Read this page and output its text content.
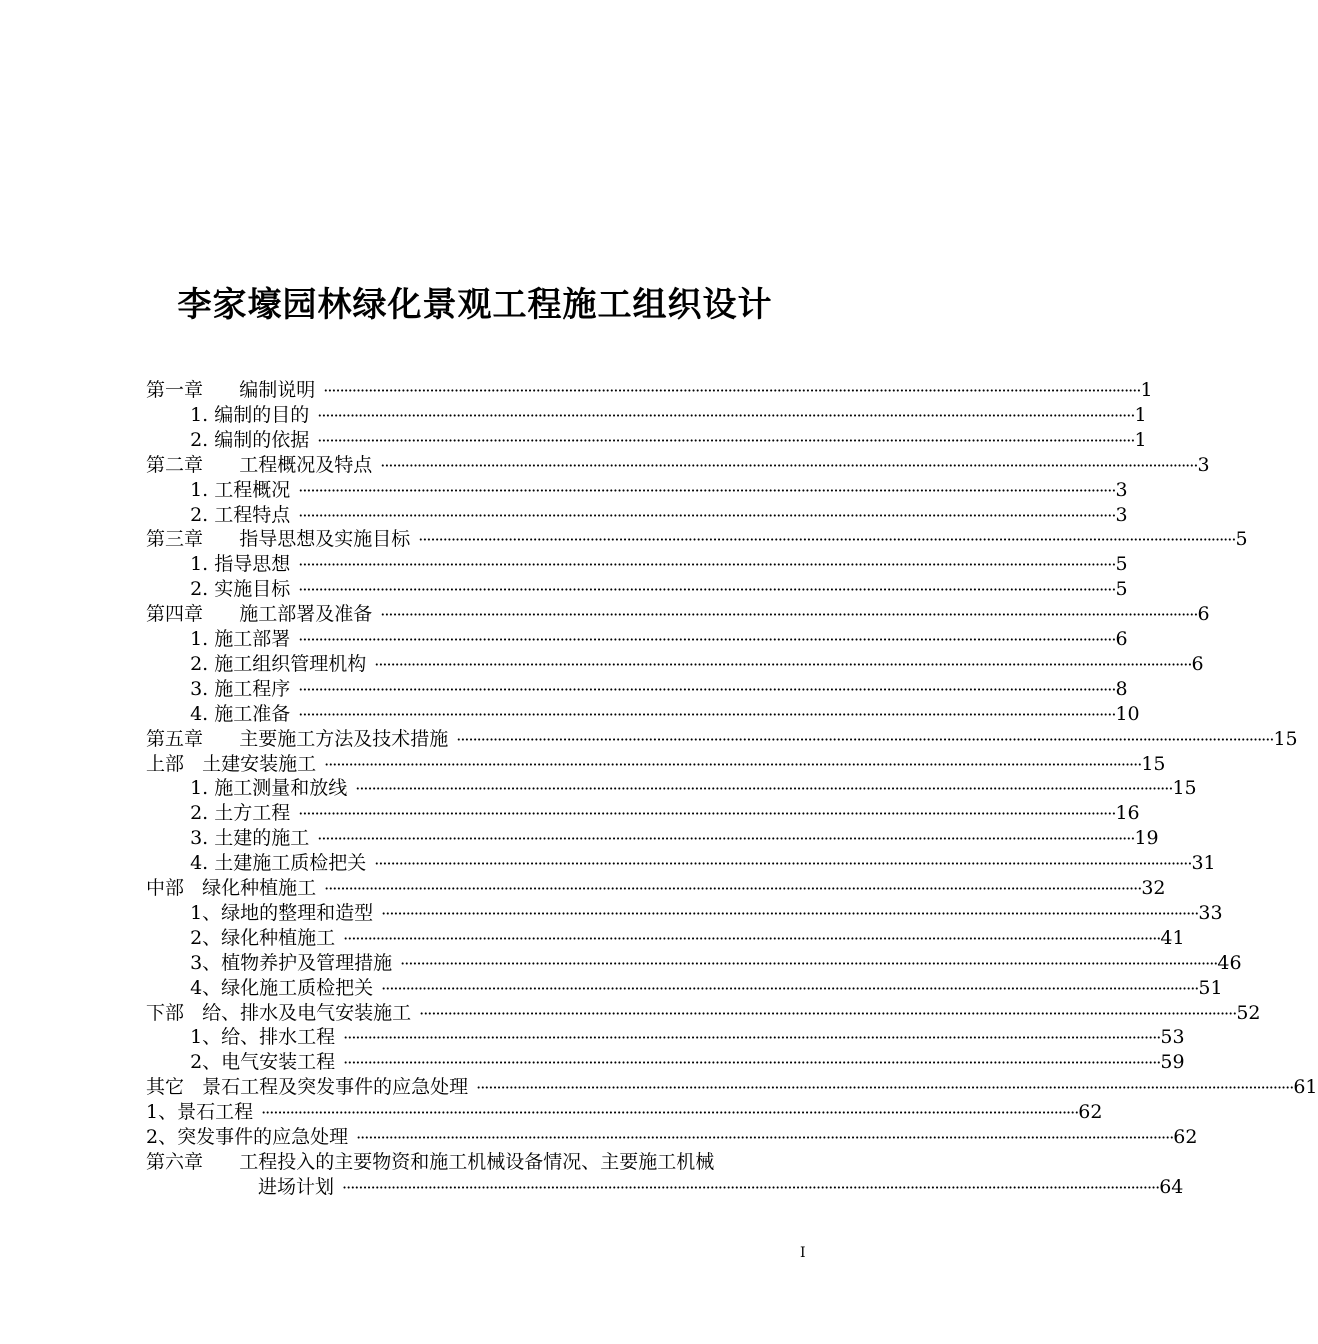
李家壕园林绿化景观工程施工组织设计
第一章      编制说明 ········································································································································································································ 1
1. 编制的目的 ········································································································································································································ 1
2. 编制的依据 ········································································································································································································ 1
第二章      工程概况及特点 ········································································································································································································ 3
1. 工程概况 ········································································································································································································ 3
2. 工程特点 ········································································································································································································ 3
第三章      指导思想及实施目标 ········································································································································································································ 5
1. 指导思想 ········································································································································································································ 5
2. 实施目标 ········································································································································································································ 5
第四章      施工部署及准备 ········································································································································································································ 6
1. 施工部署 ········································································································································································································ 6
2. 施工组织管理机构 ········································································································································································································ 6
3. 施工程序 ········································································································································································································ 8
4. 施工准备 ········································································································································································································ 10
第五章      主要施工方法及技术措施 ········································································································································································································ 15
上部   土建安装施工 ········································································································································································································ 15
1. 施工测量和放线 ········································································································································································································ 15
2. 土方工程 ········································································································································································································ 16
3. 土建的施工 ········································································································································································································ 19
4. 土建施工质检把关 ········································································································································································································ 31
中部   绿化种植施工 ········································································································································································································ 32
1、绿地的整理和造型 ········································································································································································································ 33
2、绿化种植施工 ········································································································································································································ 41
3、植物养护及管理措施 ········································································································································································································ 46
4、绿化施工质检把关 ········································································································································································································ 51
下部   给、排水及电气安装施工 ········································································································································································································ 52
1、给、排水工程 ········································································································································································································ 53
2、电气安装工程 ········································································································································································································ 59
其它   景石工程及突发事件的应急处理 ········································································································································································································ 61
1、景石工程 ········································································································································································································ 62
2、突发事件的应急处理 ········································································································································································································ 62
第六章      工程投入的主要物资和施工机械设备情况、主要施工机械
进场计划 ········································································································································································································ 64
I
